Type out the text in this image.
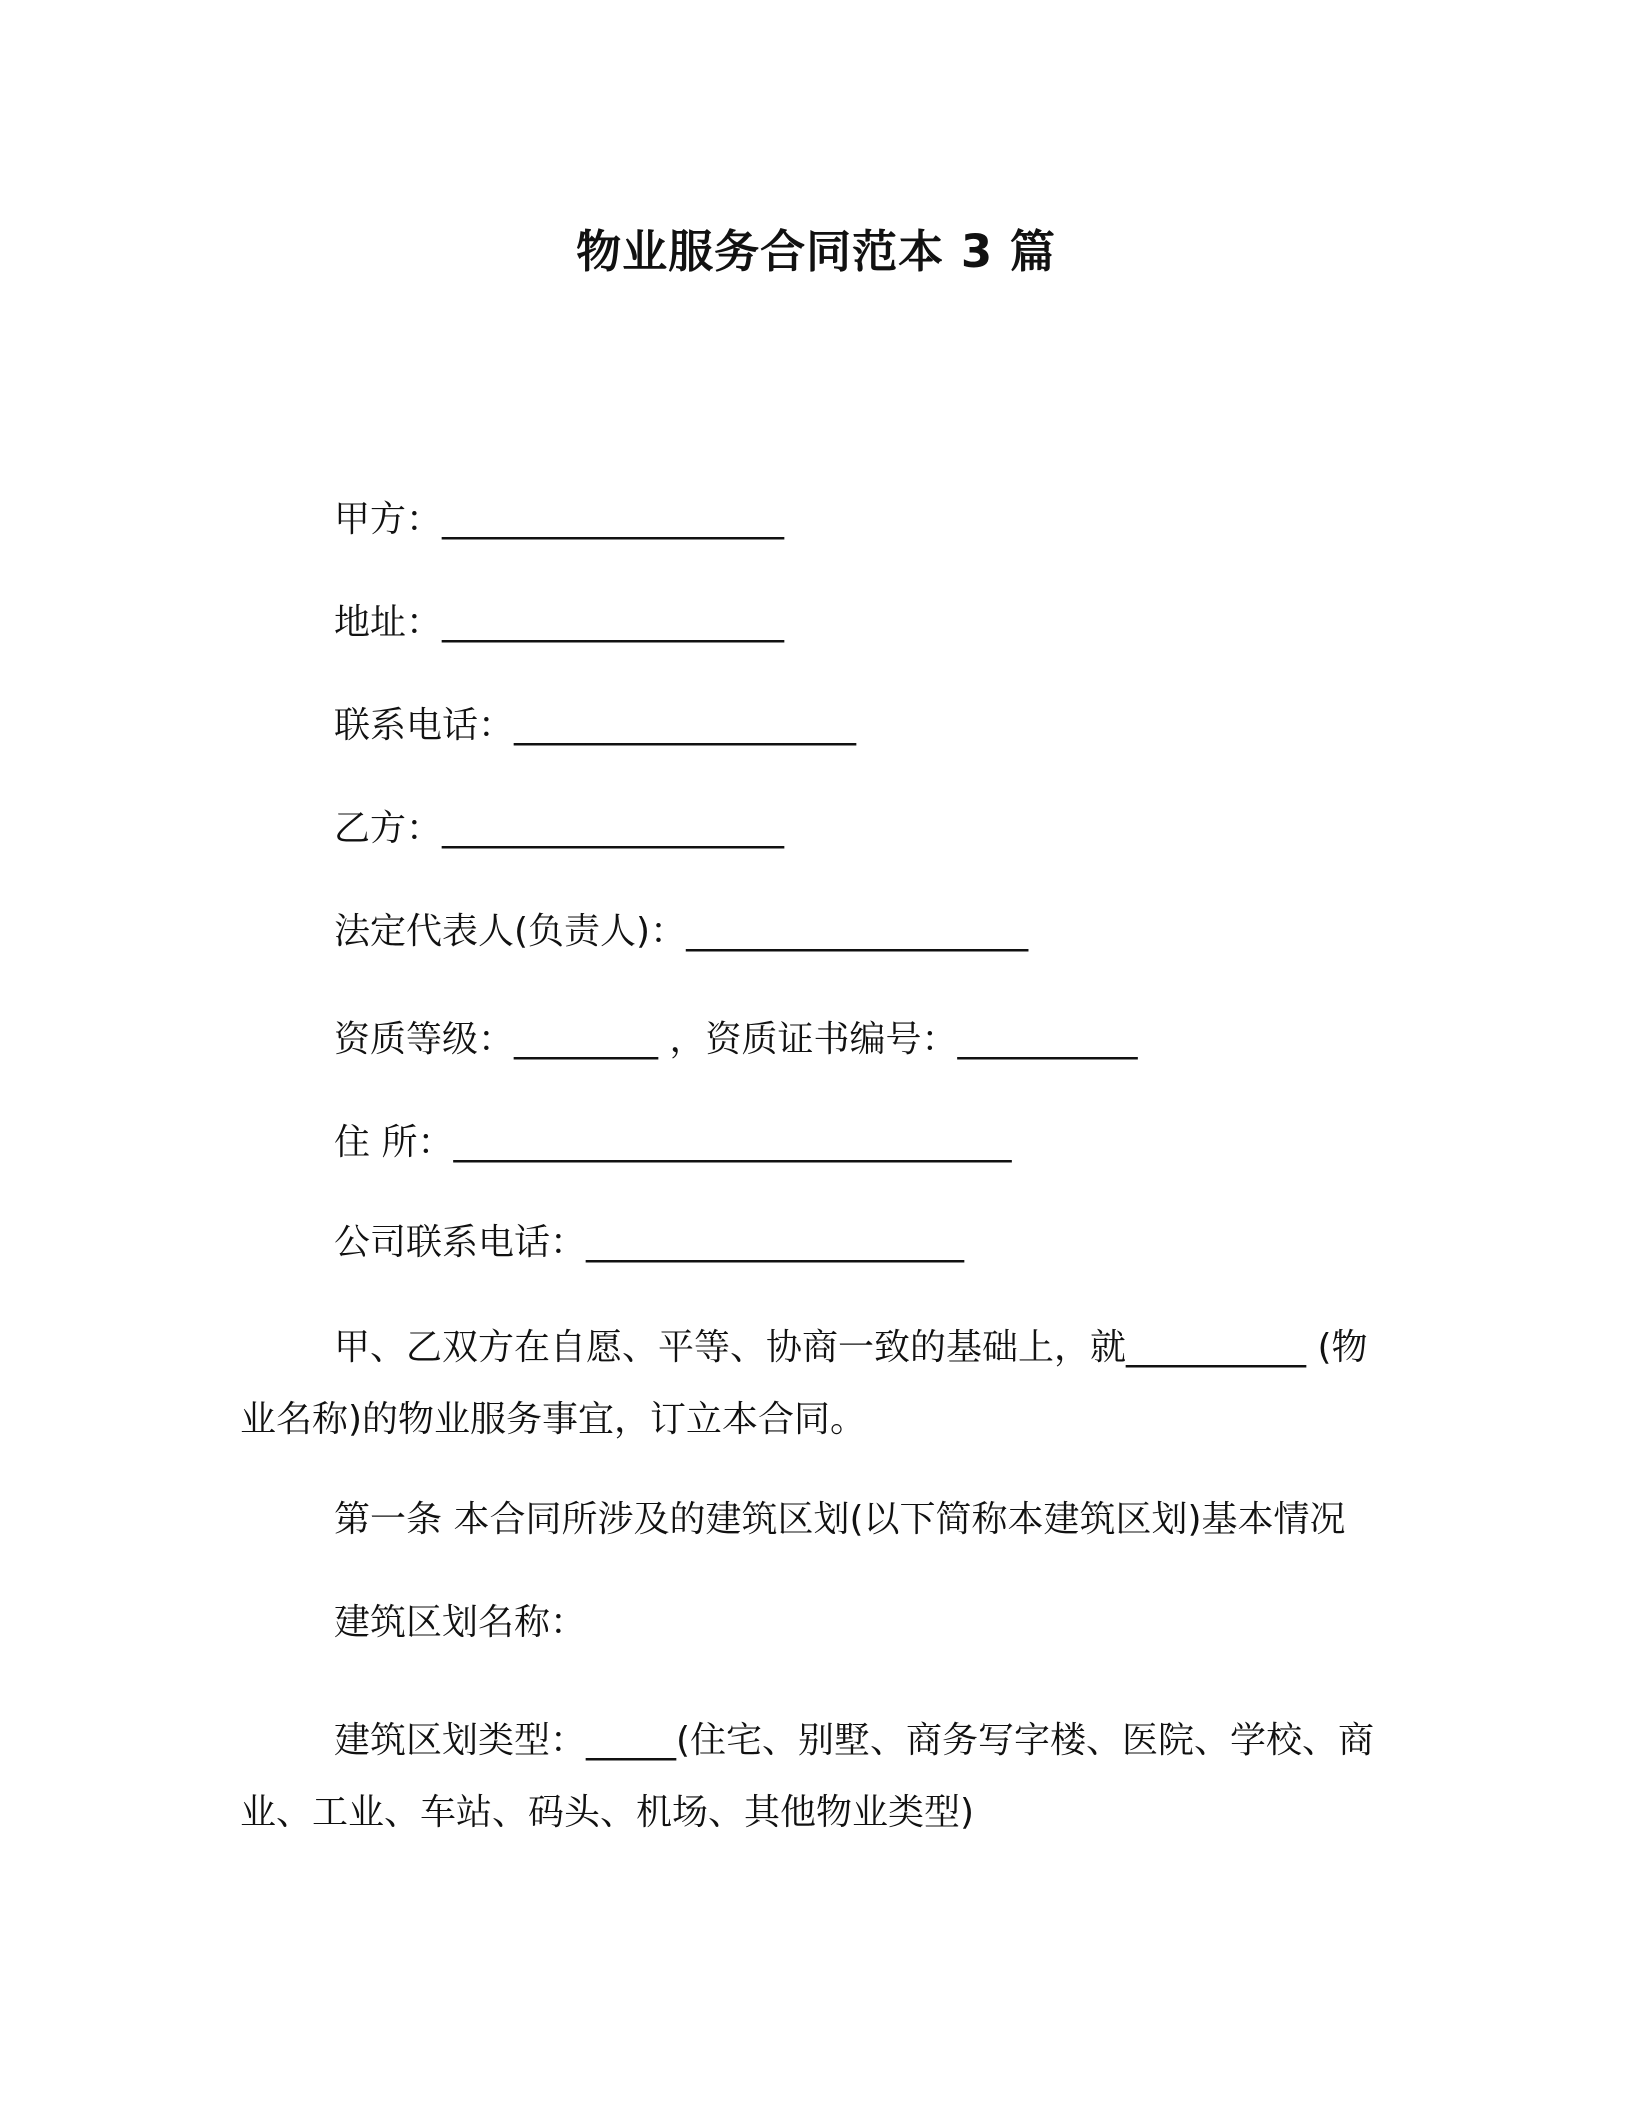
物业服务合同范本 3 篇
甲方：___________________
地址：___________________
联系电话：___________________
乙方：___________________
法定代表人(负责人)：___________________
资质等级：________ ，资质证书编号：__________
住 所：_______________________________
公司联系电话：_____________________
甲、乙双方在自愿、平等、协商一致的基础上，就__________ (物业名称)的物业服务事宜，订立本合同。
第一条 本合同所涉及的建筑区划(以下简称本建筑区划)基本情况
建筑区划名称：
建筑区划类型：_____(住宅、别墅、商务写字楼、医院、学校、商业、工业、车站、码头、机场、其他物业类型)
